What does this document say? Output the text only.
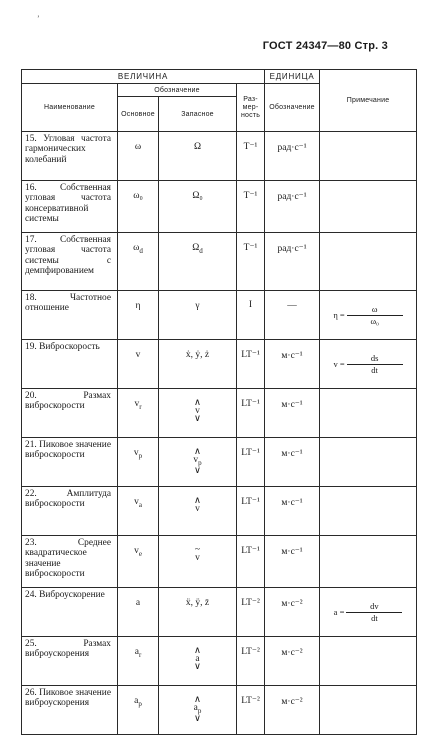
ʼ
ГОСТ 24347—80 Стр. 3
ВЕЛИЧИНА				ЕДИНИЦА	Примечание
Наименование	Обозначение		Раз-
мер-
ность	Обозначение	
	Основное	Запасное			

15. Угловая частота гармонических колебаний	ω	Ω	T⁻¹	рад·с⁻¹	

16. Собственная угловая частота консервативной системы	ω₀	Ω₀	T⁻¹	рад·с⁻¹	

17. Собственная угловая частота системы с демпфированием	$\omega_d$	$\Omega_d$	T⁻¹	рад·с⁻¹	

18. Частотное отношение	η	γ	I	—	η =
ω
ω₀

19. Виброскорость	v	ẋ, ẏ, ż	LT⁻¹	м·с⁻¹	v =
ds
dt

20. Размах виброскорости	$v_r$	∧
v
∨	LT⁻¹	м·с⁻¹	

21. Пиковое значение виброскорости	$v_p$	∧
$v_p$
∨	LT⁻¹	м·с⁻¹	

22. Амплитуда виброскорости	$v_a$	∧
v	LT⁻¹	м·с⁻¹	

23. Среднее квадратическое значение виброскорости	$v_e$	~
v	LT⁻¹	м·с⁻¹	

24. Виброускорение	a	ẍ, ÿ, z̈	LT⁻²	м·с⁻²	a =
dv
dt

25. Размах виброускорения	$a_r$	∧
a
∨	LT⁻²	м·с⁻²	

26. Пиковое значение виброускорения	$a_p$	∧
$a_p$
∨	LT⁻²	м·с⁻²	
